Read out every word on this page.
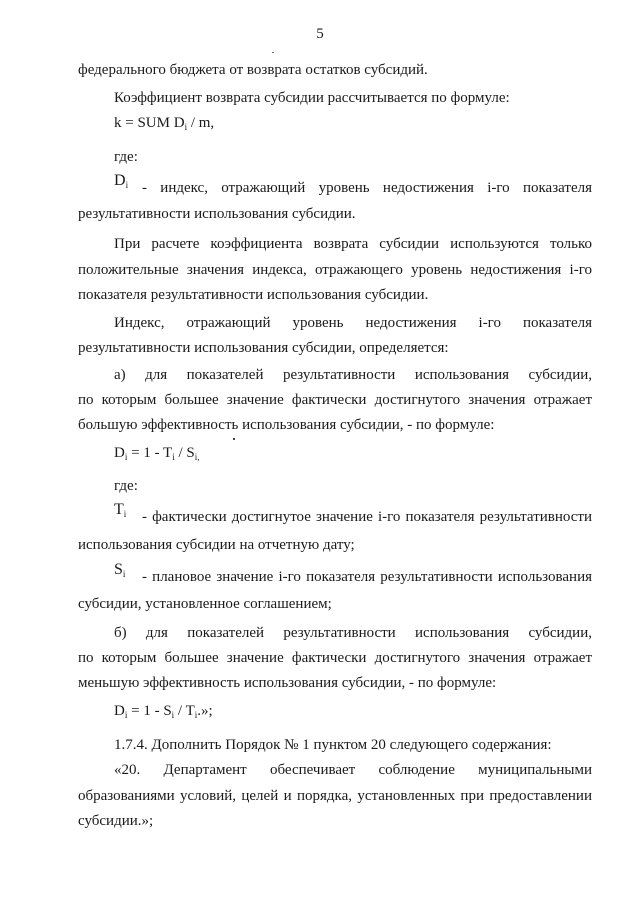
5
федерального бюджета от возврата остатков субсидий.
Коэффициент возврата субсидии рассчитывается по формуле:
k = SUM $D_i$ / m,
где:
$D_i$ - индекс, отражающий уровень недостижения i-го показателя
результативности использования субсидии.
При расчете коэффициента возврата субсидии используются только
положительные значения индекса, отражающего уровень недостижения i-го
показателя результативности использования субсидии.
Индекс, отражающий уровень недостижения i-го показателя
результативности использования субсидии, определяется:
а) для показателей результативности использования субсидии,
по которым большее значение фактически достигнутого значения отражает
большую эффективность использования субсидии, - по формуле:
$D_i = 1 - T_i / S_{i,}$
где:
$T_i$ - фактически достигнутое значение i-го показателя результативности
использования субсидии на отчетную дату;
$S_i$ - плановое значение i-го показателя результативности использования
субсидии, установленное соглашением;
б) для показателей результативности использования субсидии,
по которым большее значение фактически достигнутого значения отражает
меньшую эффективность использования субсидии, - по формуле:
$D_i = 1 - S_i / T_i$.»;
1.7.4. Дополнить Порядок № 1 пунктом 20 следующего содержания:
«20. Департамент обеспечивает соблюдение муниципальными
образованиями условий, целей и порядка, установленных при предоставлении
субсидии.»;
